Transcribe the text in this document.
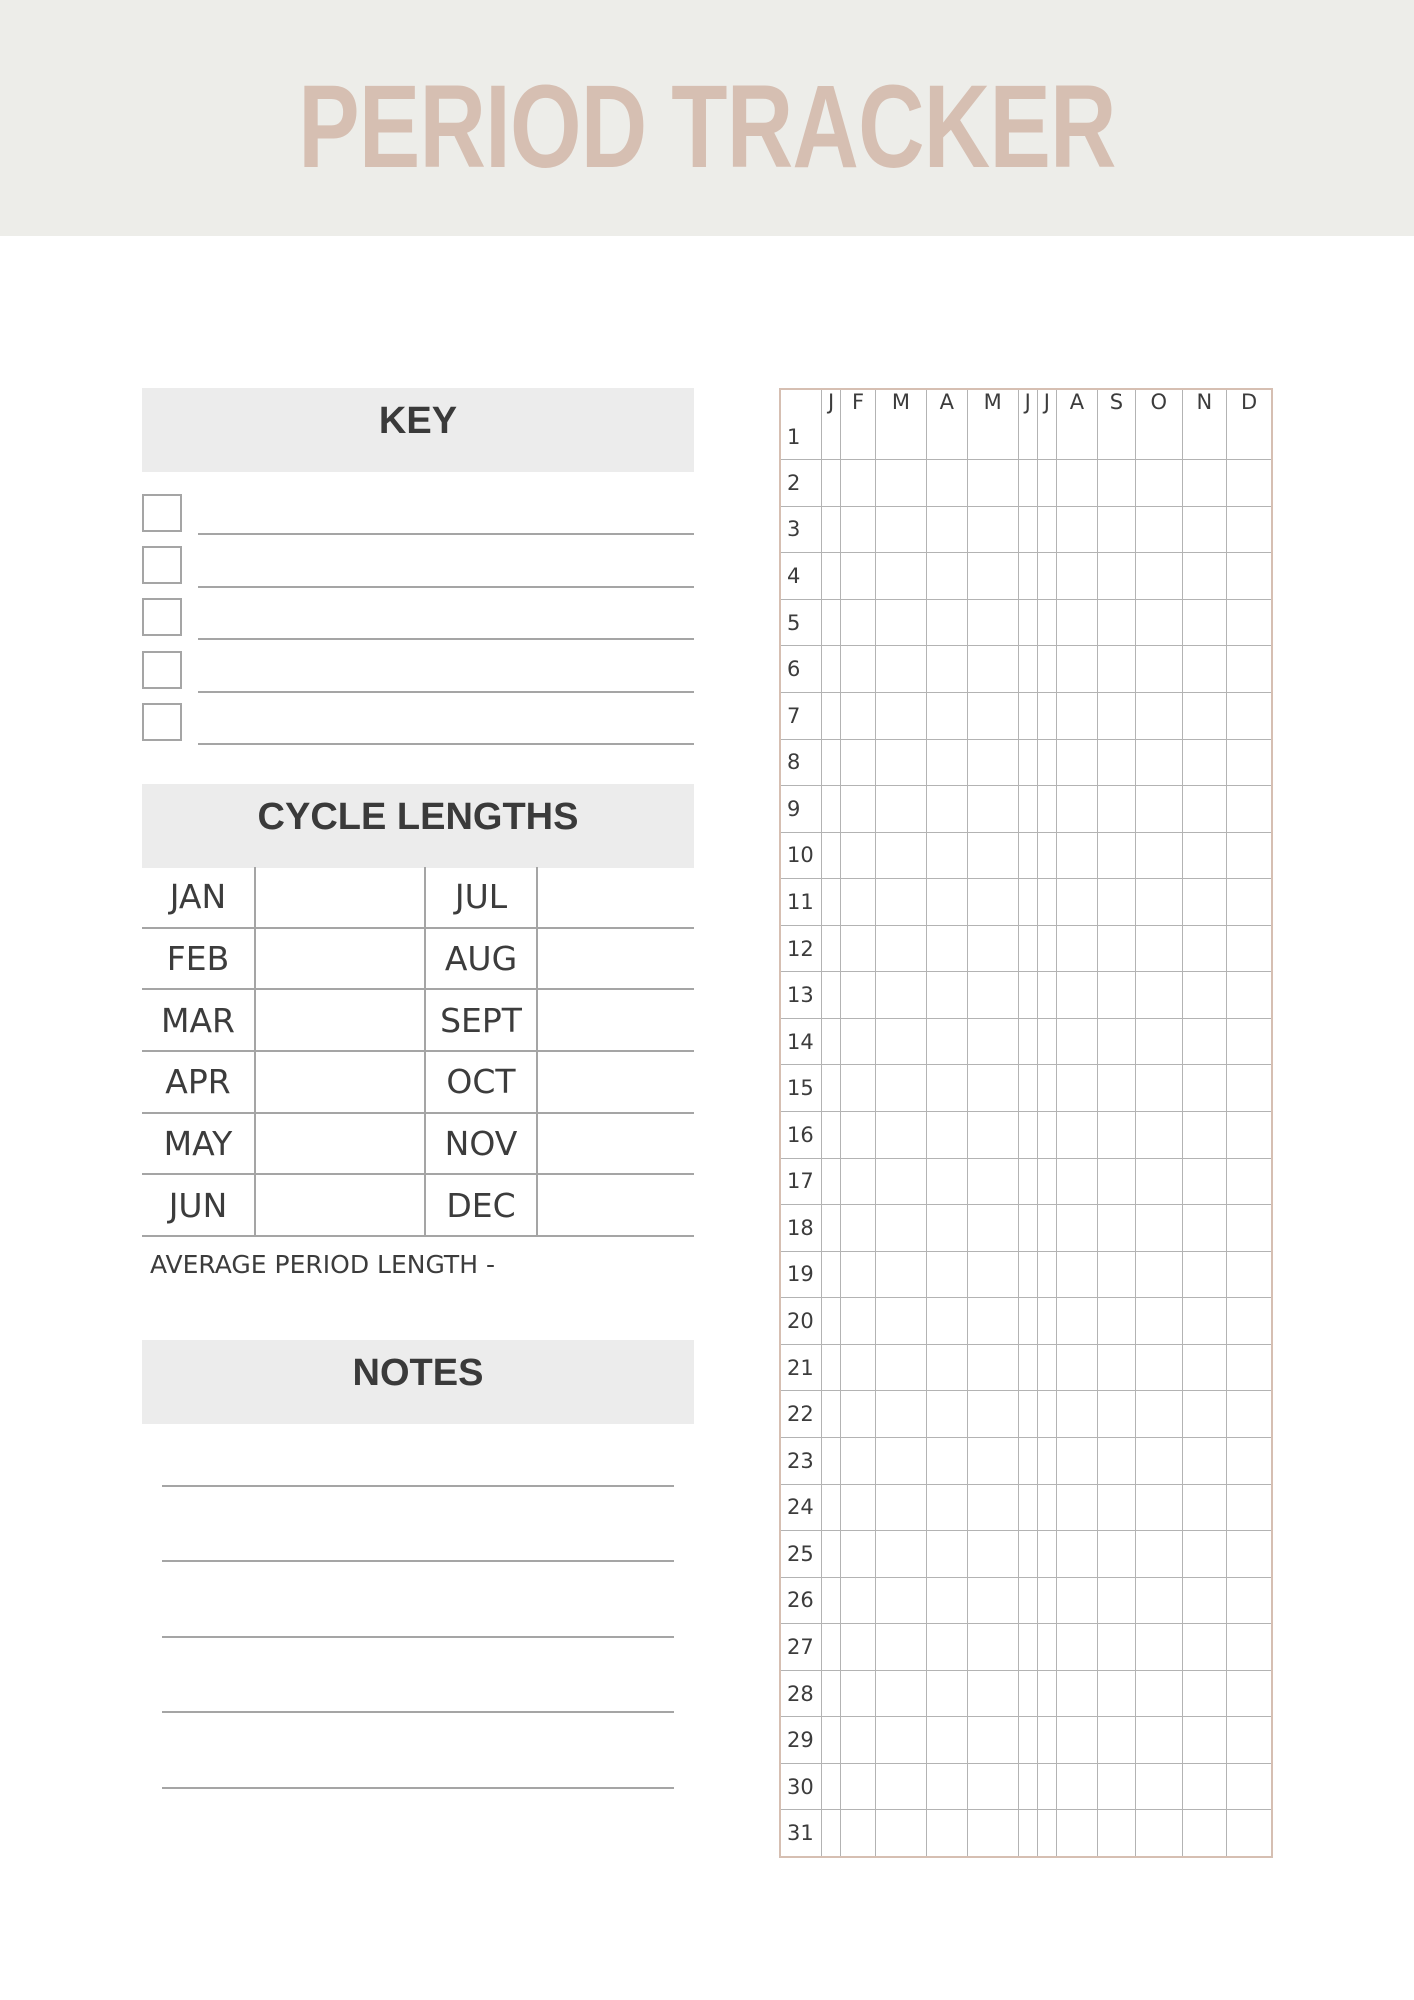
PERIOD TRACKER
KEY
CYCLE LENGTHS
JAN		JUL	
FEB		AUG	
MAR		SEPT	
APR		OCT	
MAY		NOV	
JUN		DEC	
AVERAGE PERIOD LENGTH -
NOTES
	J	F	M	A	M	J	J	A	S	O	N	D
1												
2												
3												
4												
5												
6												
7												
8												
9												
10												
11												
12												
13												
14												
15												
16												
17												
18												
19												
20												
21												
22												
23												
24												
25												
26												
27												
28												
29												
30												
31												
